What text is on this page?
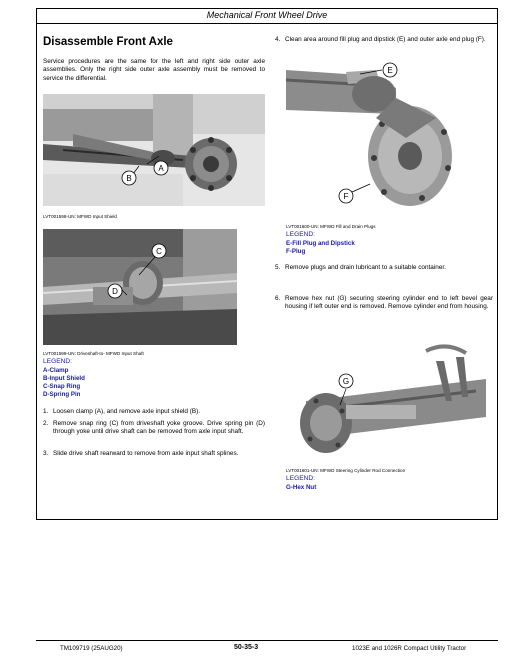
Mechanical Front Wheel Drive
Disassemble Front Axle
Service procedures are the same for the left and right side outer axle assemblies. Only the right side outer axle assembly must be removed to service the differential.
A
B
LVT001598-UN: MFWD Input Shield
C
D
LVT001599-UN: Driveshaft-to- MFWD Input Shaft
LEGEND:
A-Clamp
B-Input Shield
C-Snap Ring
D-Spring Pin
1. Loosen clamp (A), and remove axle input shield (B).
2. Remove snap ring (C) from driveshaft yoke groove. Drive spring pin (D) through yoke until drive shaft can be removed from axle input shaft.
3. Slide drive shaft rearward to remove from axle input shaft splines.
4. Clean area around fill plug and dipstick (E) and outer axle end plug (F).
E
F
LVT001600-UN: MFWD Fill and Drain Plugs
LEGEND:
E-Fill Plug and Dipstick
F-Plug
5. Remove plugs and drain lubricant to a suitable container.
6. Remove hex nut (G) securing steering cylinder end to left bevel gear housing if left outer end is removed. Remove cylinder end from housing.
G
LVT001601-UN: MFWD Steering Cylinder Rod Connection
LEGEND:
G-Hex Nut
TM109719 (25AUG20)	50-35-3	1023E and 1026R Compact Utility Tractor
